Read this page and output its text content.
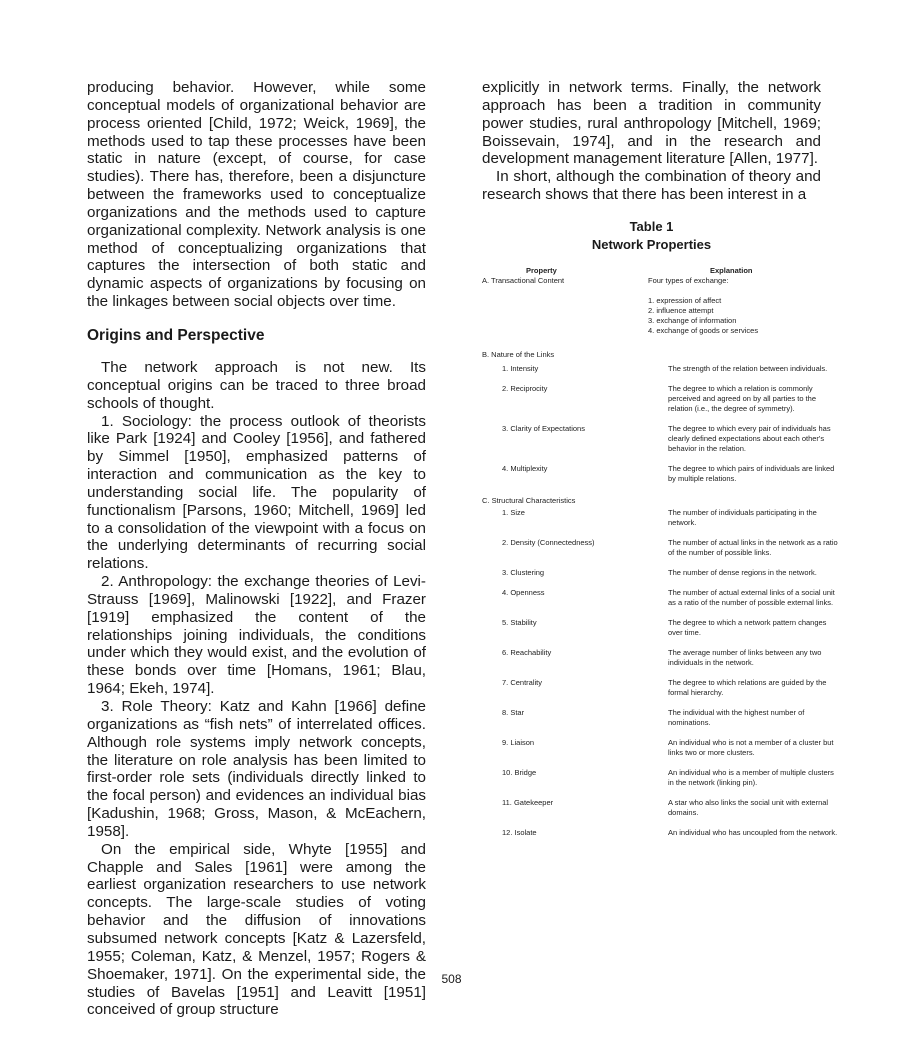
producing behavior. However, while some conceptual models of organizational behavior are process oriented [Child, 1972; Weick, 1969], the methods used to tap these processes have been static in nature (except, of course, for case studies). There has, therefore, been a disjuncture between the frameworks used to conceptualize organizations and the methods used to capture organizational complexity. Network analysis is one method of conceptualizing organizations that captures the intersection of both static and dynamic aspects of organizations by focusing on the linkages between social objects over time.

Origins and Perspective

The network approach is not new. Its conceptual origins can be traced to three broad schools of thought.

1. Sociology: the process outlook of theorists like Park [1924] and Cooley [1956], and fathered by Simmel [1950], emphasized patterns of interaction and communication as the key to understanding social life. The popularity of functionalism [Parsons, 1960; Mitchell, 1969] led to a consolidation of the viewpoint with a focus on the underlying determinants of recurring social relations.

2. Anthropology: the exchange theories of Levi-Strauss [1969], Malinowski [1922], and Frazer [1919] emphasized the content of the relationships joining individuals, the conditions under which they would exist, and the evolution of these bonds over time [Homans, 1961; Blau, 1964; Ekeh, 1974].

3. Role Theory: Katz and Kahn [1966] define organizations as “fish nets” of interrelated offices. Although role systems imply network concepts, the literature on role analysis has been limited to first-order role sets (individuals directly linked to the focal person) and evidences an individual bias [Kadushin, 1968; Gross, Mason, & McEachern, 1958].

On the empirical side, Whyte [1955] and Chapple and Sales [1961] were among the earliest organization researchers to use network concepts. The large-scale studies of voting behavior and the diffusion of innovations subsumed network concepts [Katz & Lazersfeld, 1955; Coleman, Katz, & Menzel, 1957; Rogers & Shoemaker, 1971]. On the experimental side, the studies of Bavelas [1951] and Leavitt [1951] conceived of group structure

explicitly in network terms. Finally, the network approach has been a tradition in community power studies, rural anthropology [Mitchell, 1969; Boissevain, 1974], and in the research and development management literature [Allen, 1977].

In short, although the combination of theory and research shows that there has been interest in a

Table 1
Network Properties
Property	Explanation
A. Transactional Content	Four types of exchange:
1. expression of affect
2. influence attempt
3. exchange of information
4. exchange of goods or services
B. Nature of the Links
1. Intensity	The strength of the relation between individuals.
2. Reciprocity	The degree to which a relation is commonly perceived and agreed on by all parties to the relation (i.e., the degree of symmetry).
3. Clarity of Expectations	The degree to which every pair of individuals has clearly defined expectations about each other's behavior in the relation.
4. Multiplexity	The degree to which pairs of individuals are linked by multiple relations.
C. Structural Characteristics
1. Size	The number of individuals participating in the network.
2. Density (Connectedness)	The number of actual links in the network as a ratio of the number of possible links.
3. Clustering	The number of dense regions in the network.
4. Openness	The number of actual external links of a social unit as a ratio of the number of possible external links.
5. Stability	The degree to which a network pattern changes over time.
6. Reachability	The average number of links between any two individuals in the network.
7. Centrality	The degree to which relations are guided by the formal hierarchy.
8. Star	The individual with the highest number of nominations.
9. Liaison	An individual who is not a member of a cluster but links two or more clusters.
10. Bridge	An individual who is a member of multiple clusters in the network (linking pin).
11. Gatekeeper	A star who also links the social unit with external domains.
12. Isolate	An individual who has uncoupled from the network.
508
